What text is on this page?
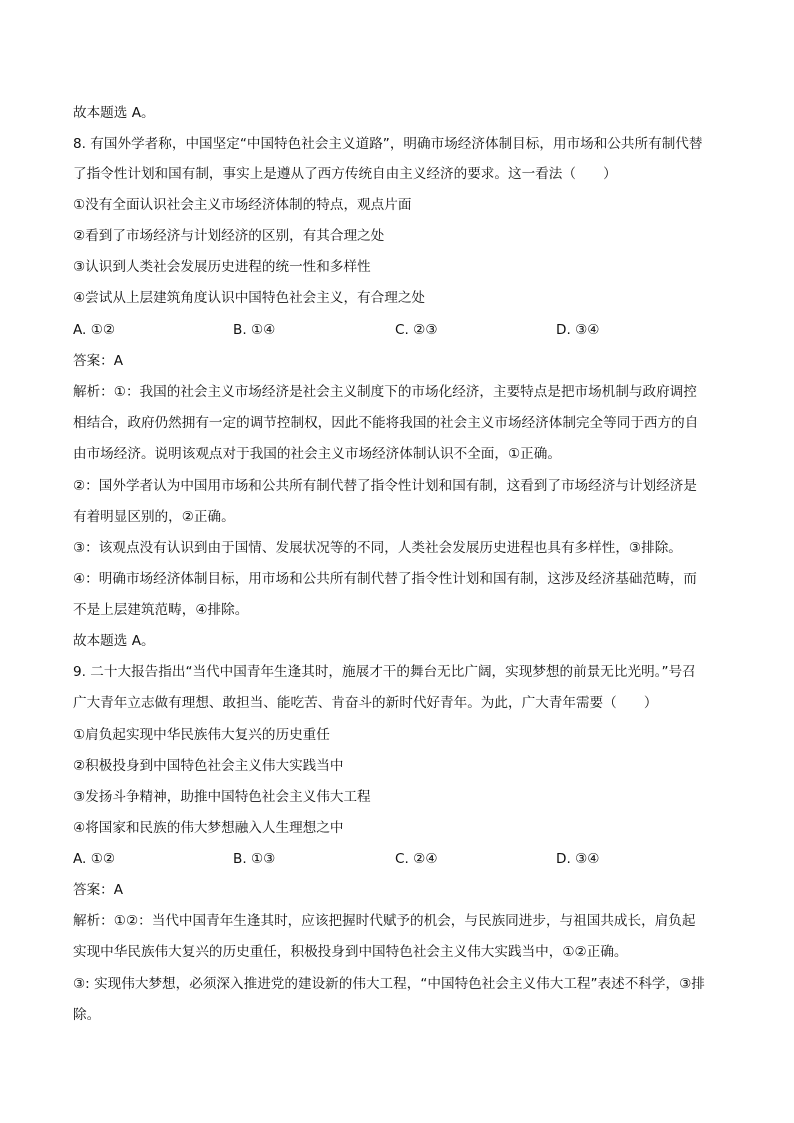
故本题选 A。
8. 有国外学者称，中国坚定“中国特色社会主义道路”，明确市场经济体制目标，用市场和公共所有制代替
了指令性计划和国有制，事实上是遵从了西方传统自由主义经济的要求。这一看法（　　）
①没有全面认识社会主义市场经济体制的特点，观点片面
②看到了市场经济与计划经济的区别，有其合理之处
③认识到人类社会发展历史进程的统一性和多样性
④尝试从上层建筑角度认识中国特色社会主义，有合理之处
A. ①②	B. ①④	C. ②③	D. ③④
答案：A
解析：①：我国的社会主义市场经济是社会主义制度下的市场化经济，主要特点是把市场机制与政府调控
相结合，政府仍然拥有一定的调节控制权，因此不能将我国的社会主义市场经济体制完全等同于西方的自
由市场经济。说明该观点对于我国的社会主义市场经济体制认识不全面，①正确。
②：国外学者认为中国用市场和公共所有制代替了指令性计划和国有制，这看到了市场经济与计划经济是
有着明显区别的，②正确。
③：该观点没有认识到由于国情、发展状况等的不同，人类社会发展历史进程也具有多样性，③排除。
④：明确市场经济体制目标，用市场和公共所有制代替了指令性计划和国有制，这涉及经济基础范畴，而
不是上层建筑范畴，④排除。
故本题选 A。
9. 二十大报告指出“当代中国青年生逢其时，施展才干的舞台无比广阔，实现梦想的前景无比光明。”号召
广大青年立志做有理想、敢担当、能吃苦、肯奋斗的新时代好青年。为此，广大青年需要（　　）
①肩负起实现中华民族伟大复兴的历史重任
②积极投身到中国特色社会主义伟大实践当中
③发扬斗争精神，助推中国特色社会主义伟大工程
④将国家和民族的伟大梦想融入人生理想之中
A. ①②	B. ①③	C. ②④	D. ③④
答案：A
解析：①②：当代中国青年生逢其时，应该把握时代赋予的机会，与民族同进步，与祖国共成长，肩负起
实现中华民族伟大复兴的历史重任，积极投身到中国特色社会主义伟大实践当中，①②正确。
③: 实现伟大梦想，必须深入推进党的建设新的伟大工程，“中国特色社会主义伟大工程”表述不科学，③排
除。
